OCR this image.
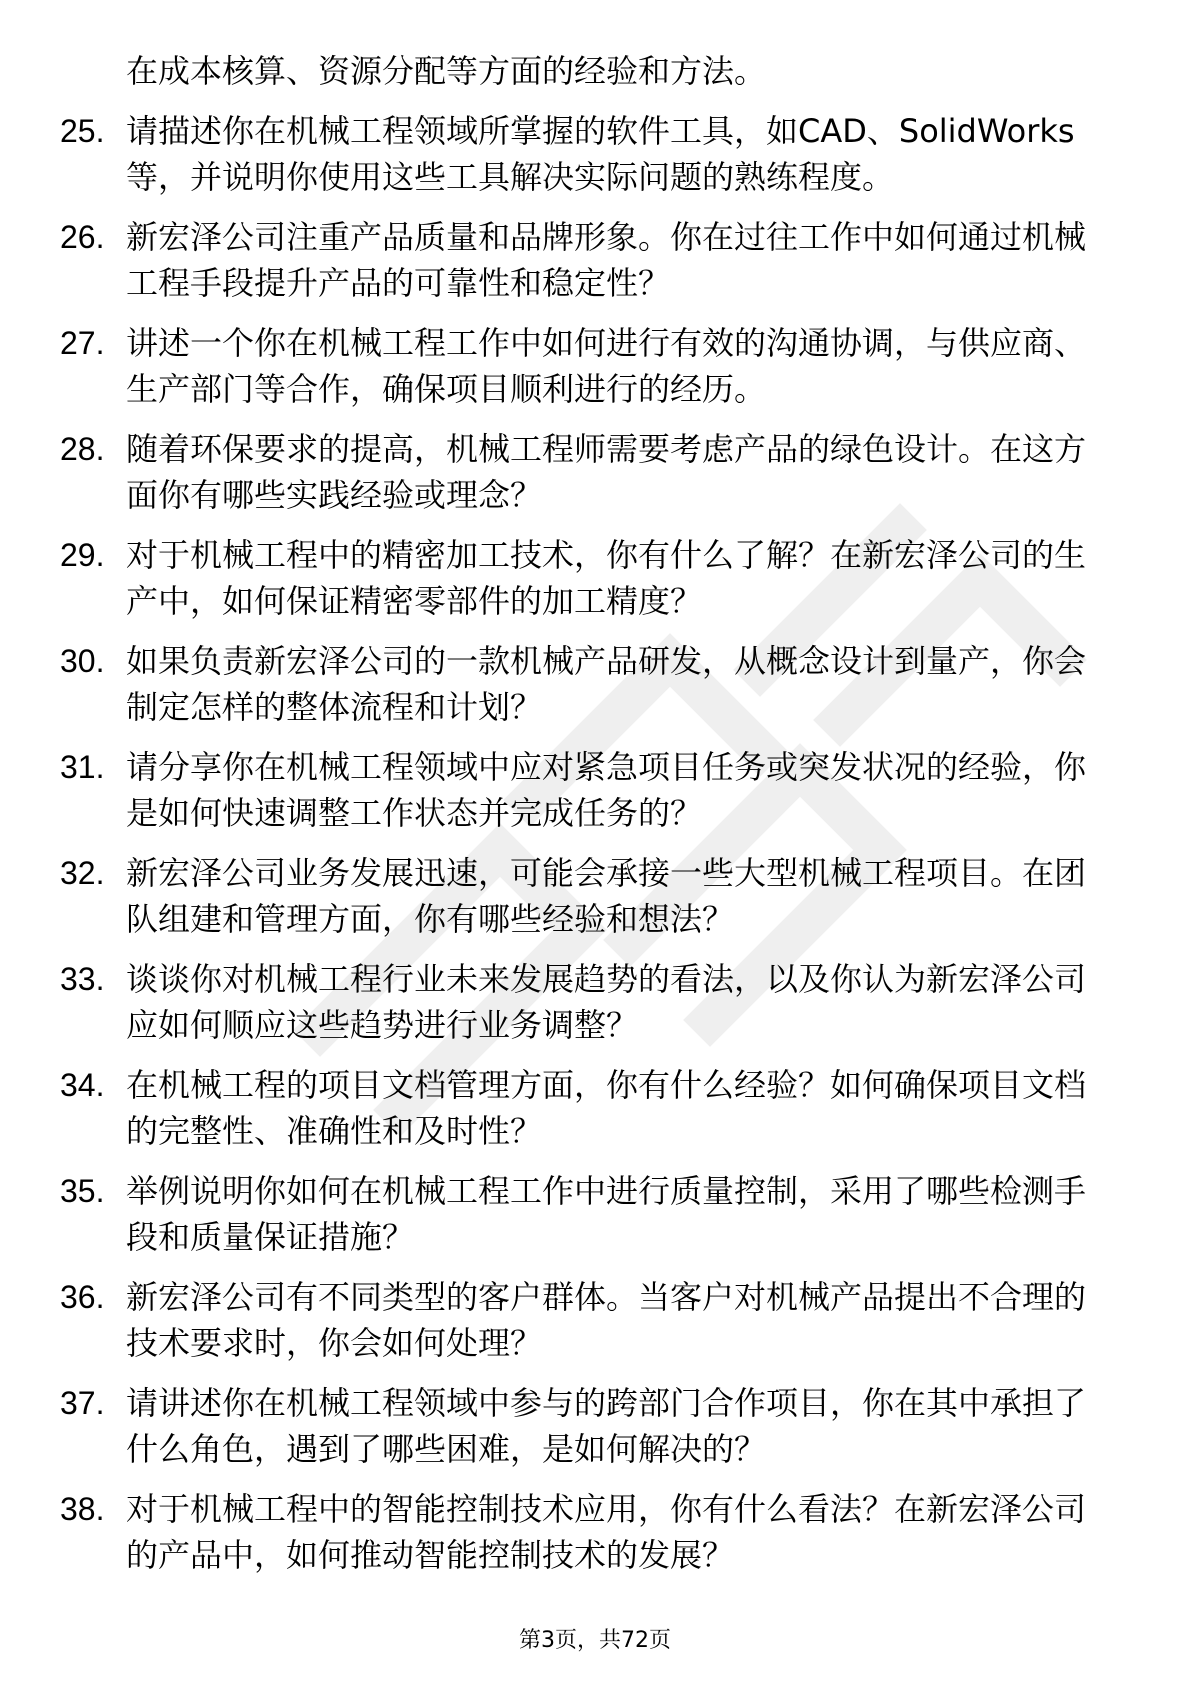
在成本核算、资源分配等方面的经验和方法。
25. 请描述你在机械工程领域所掌握的软件工具，如CAD、SolidWorks等，并说明你使用这些工具解决实际问题的熟练程度。
26. 新宏泽公司注重产品质量和品牌形象。你在过往工作中如何通过机械工程手段提升产品的可靠性和稳定性？
27. 讲述一个你在机械工程工作中如何进行有效的沟通协调，与供应商、生产部门等合作，确保项目顺利进行的经历。
28. 随着环保要求的提高，机械工程师需要考虑产品的绿色设计。在这方面你有哪些实践经验或理念？
29. 对于机械工程中的精密加工技术，你有什么了解？在新宏泽公司的生产中，如何保证精密零部件的加工精度？
30. 如果负责新宏泽公司的一款机械产品研发，从概念设计到量产，你会制定怎样的整体流程和计划？
31. 请分享你在机械工程领域中应对紧急项目任务或突发状况的经验，你是如何快速调整工作状态并完成任务的？
32. 新宏泽公司业务发展迅速，可能会承接一些大型机械工程项目。在团队组建和管理方面，你有哪些经验和想法？
33. 谈谈你对机械工程行业未来发展趋势的看法，以及你认为新宏泽公司应如何顺应这些趋势进行业务调整？
34. 在机械工程的项目文档管理方面，你有什么经验？如何确保项目文档的完整性、准确性和及时性？
35. 举例说明你如何在机械工程工作中进行质量控制，采用了哪些检测手段和质量保证措施？
36. 新宏泽公司有不同类型的客户群体。当客户对机械产品提出不合理的技术要求时，你会如何处理？
37. 请讲述你在机械工程领域中参与的跨部门合作项目，你在其中承担了什么角色，遇到了哪些困难，是如何解决的？
38. 对于机械工程中的智能控制技术应用，你有什么看法？在新宏泽公司的产品中，如何推动智能控制技术的发展？
第3页，共72页
